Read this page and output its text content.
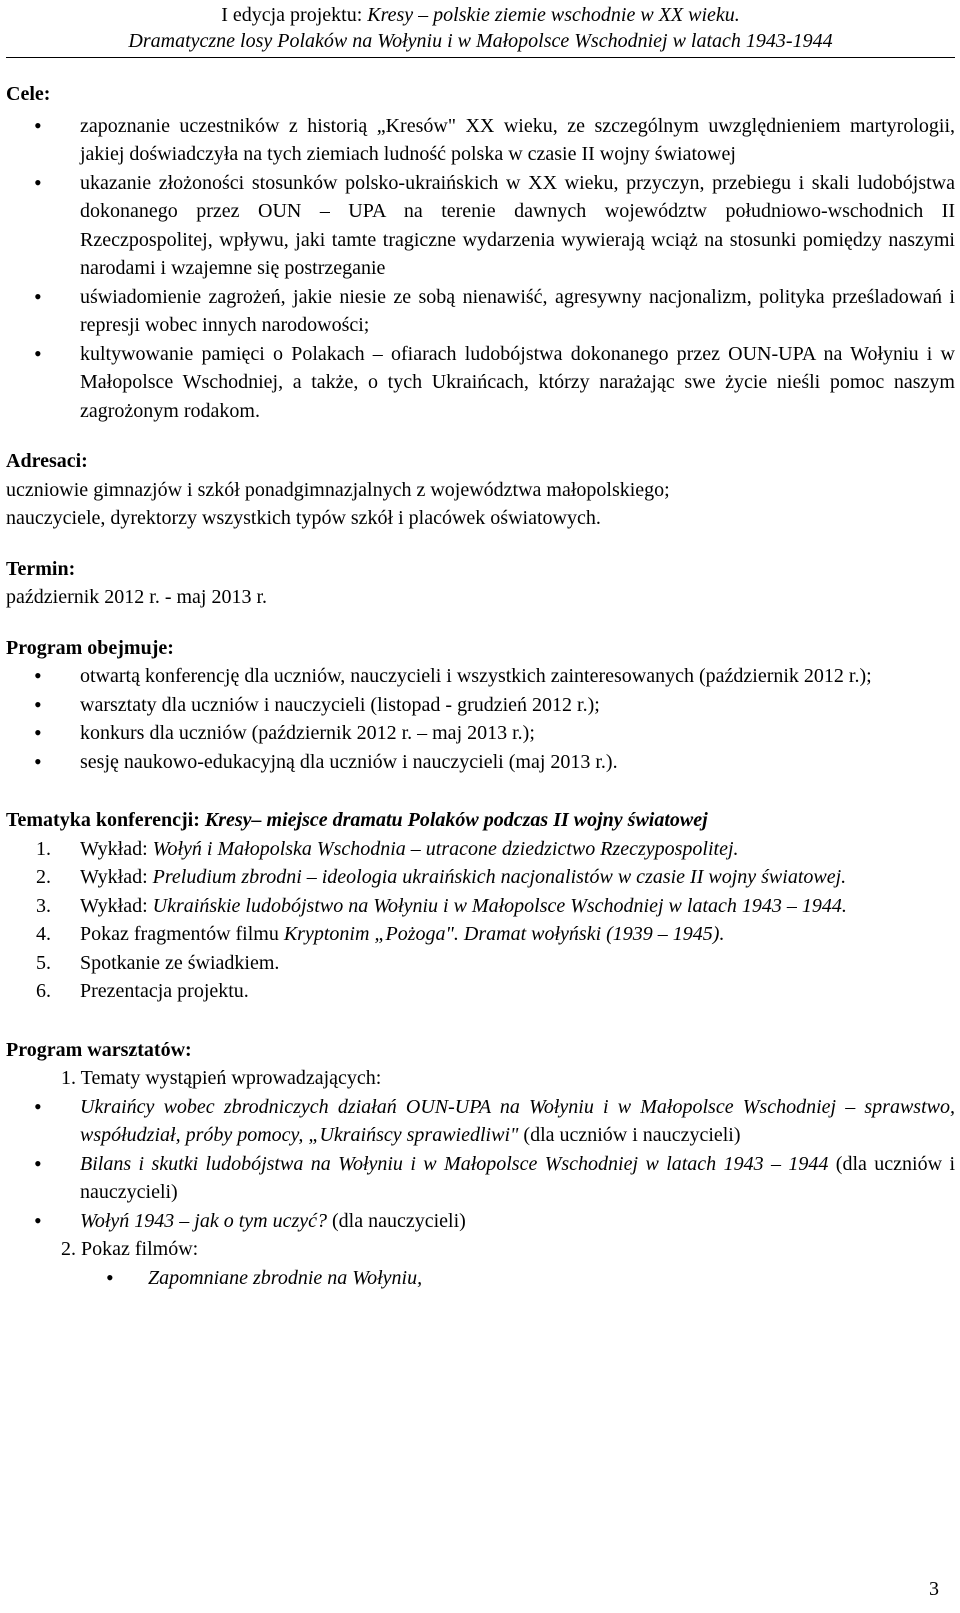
I edycja projektu: Kresy – polskie ziemie wschodnie w XX wieku.
Dramatyczne losy Polaków na Wołyniu i w Małopolsce Wschodniej w latach 1943-1944

Cele:

• zapoznanie uczestników z historią „Kresów" XX wieku, ze szczególnym uwzględnieniem martyrologii, jakiej doświadczyła na tych ziemiach ludność polska w czasie II wojny światowej
• ukazanie złożoności stosunków polsko-ukraińskich w XX wieku, przyczyn, przebiegu i skali ludobójstwa dokonanego przez OUN – UPA na terenie dawnych województw południowo-wschodnich II Rzeczpospolitej, wpływu, jaki tamte tragiczne wydarzenia wywierają wciąż na stosunki pomiędzy naszymi narodami i wzajemne się postrzeganie
• uświadomienie zagrożeń, jakie niesie ze sobą nienawiść, agresywny nacjonalizm, polityka prześladowań i represji wobec innych narodowości;
• kultywowanie pamięci o Polakach – ofiarach ludobójstwa dokonanego przez OUN-UPA na Wołyniu i w Małopolsce Wschodniej, a także, o tych Ukraińcach, którzy narażając swe życie nieśli pomoc naszym zagrożonym rodakom.

Adresaci:

uczniowie gimnazjów i szkół ponadgimnazjalnych z województwa małopolskiego;

nauczyciele, dyrektorzy wszystkich typów szkół i placówek oświatowych.

Termin:

październik 2012 r. - maj 2013 r.

Program obejmuje:

• otwartą konferencję dla uczniów, nauczycieli i wszystkich zainteresowanych (październik 2012 r.);
• warsztaty dla uczniów i nauczycieli (listopad - grudzień 2012 r.);
• konkurs dla uczniów (październik 2012 r. – maj 2013 r.);
• sesję naukowo-edukacyjną dla uczniów i nauczycieli (maj 2013 r.).

Tematyka konferencji: Kresy– miejsce dramatu Polaków podczas II wojny światowej

1. Wykład: Wołyń i Małopolska Wschodnia – utracone dziedzictwo Rzeczypospolitej.
2. Wykład: Preludium zbrodni – ideologia ukraińskich nacjonalistów w czasie II wojny światowej.
3. Wykład: Ukraińskie ludobójstwo na Wołyniu i w Małopolsce Wschodniej w latach 1943 – 1944.
4. Pokaz fragmentów filmu Kryptonim „Pożoga". Dramat wołyński (1939 – 1945).
5. Spotkanie ze świadkiem.
6. Prezentacja projektu.

Program warsztatów:

1. Tematy wystąpień wprowadzających:

• Ukraińcy wobec zbrodniczych działań OUN-UPA na Wołyniu i w Małopolsce Wschodniej – sprawstwo, współudział, próby pomocy, „Ukraińscy sprawiedliwi" (dla uczniów i nauczycieli)
• Bilans i skutki ludobójstwa na Wołyniu i w Małopolsce Wschodniej w latach 1943 – 1944 (dla uczniów i nauczycieli)
• Wołyń 1943 – jak o tym uczyć? (dla nauczycieli)

2. Pokaz filmów:

• Zapomniane zbrodnie na Wołyniu,
3
